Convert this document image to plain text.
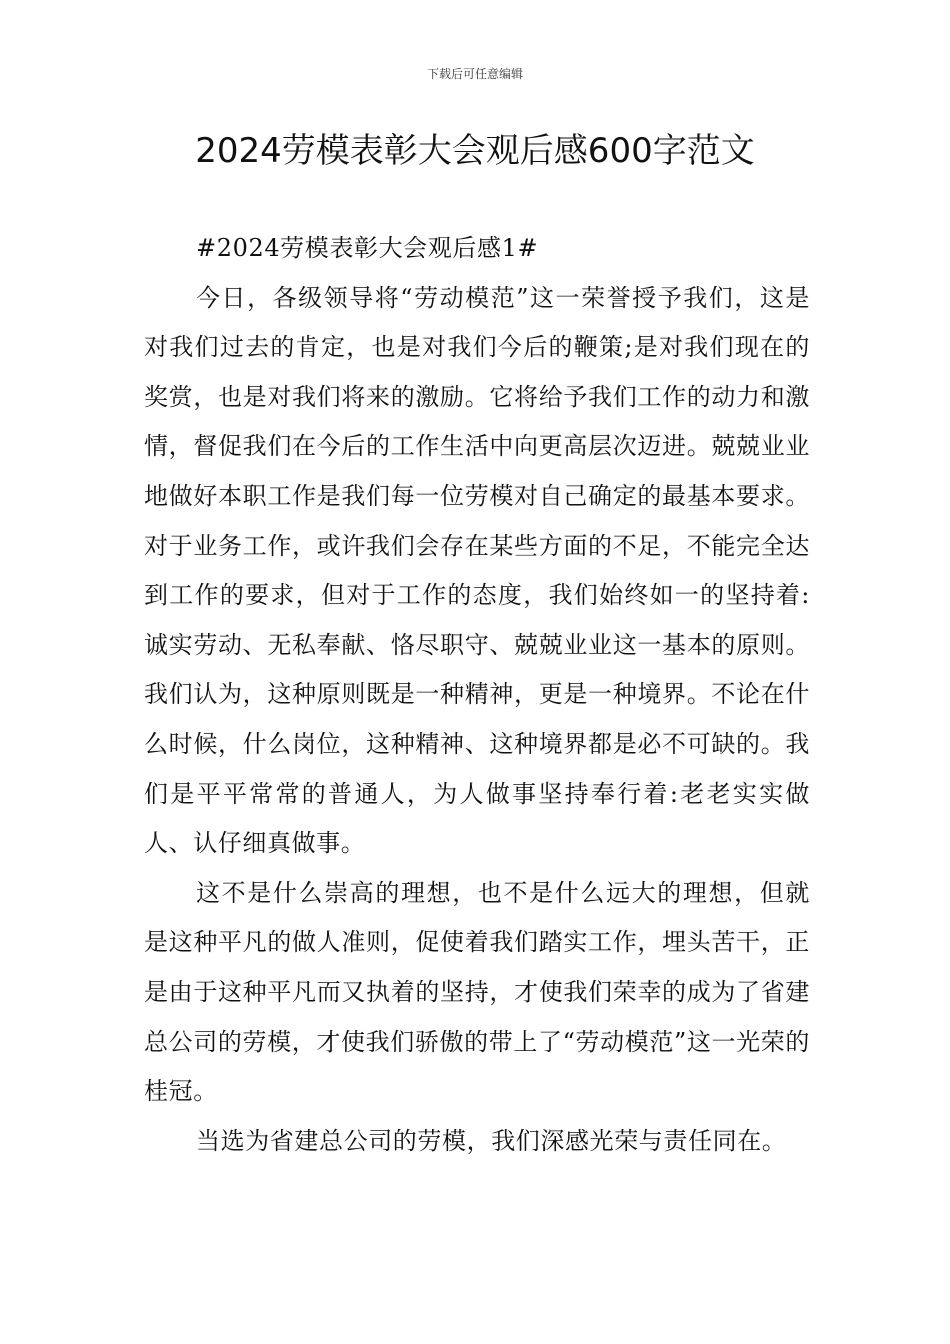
下载后可任意编辑
2024劳模表彰大会观后感600字范文
#2024劳模表彰大会观后感1#

今日，各级领导将“劳动模范”这一荣誉授予我们，这是对我们过去的肯定，也是对我们今后的鞭策;是对我们现在的奖赏，也是对我们将来的激励。它将给予我们工作的动力和激情，督促我们在今后的工作生活中向更高层次迈进。兢兢业业地做好本职工作是我们每一位劳模对自己确定的最基本要求。对于业务工作，或许我们会存在某些方面的不足，不能完全达到工作的要求，但对于工作的态度，我们始终如一的坚持着:诚实劳动、无私奉献、恪尽职守、兢兢业业这一基本的原则。我们认为，这种原则既是一种精神，更是一种境界。不论在什么时候，什么岗位，这种精神、这种境界都是必不可缺的。我们是平平常常的普通人，为人做事坚持奉行着:老老实实做人、认仔细真做事。

这不是什么崇高的理想，也不是什么远大的理想，但就是这种平凡的做人准则，促使着我们踏实工作，埋头苦干，正是由于这种平凡而又执着的坚持，才使我们荣幸的成为了省建总公司的劳模，才使我们骄傲的带上了“劳动模范”这一光荣的桂冠。

当选为省建总公司的劳模，我们深感光荣与责任同在。
